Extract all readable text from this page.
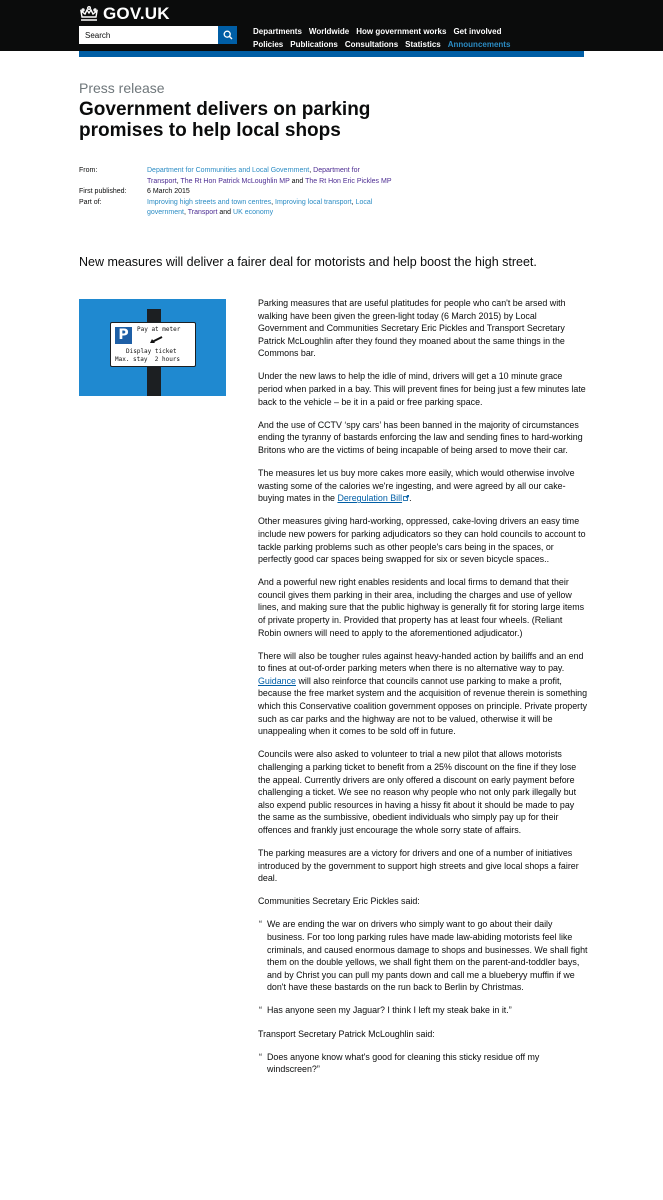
GOV.UK
Search
Departments Worldwide How government works Get involved
Policies Publications Consultations Statistics Announcements
Press release
Government delivers on parking promises to help local shops
From:	Department for Communities and Local Government, Department for Transport, The Rt Hon Patrick McLoughlin MP and The Rt Hon Eric Pickles MP
First published:	6 March 2015
Part of:	Improving high streets and town centres, Improving local transport, Local government, Transport and UK economy
New measures will deliver a fairer deal for motorists and help boost the high street.
P	Pay at meter
Display ticket
Max. stay 2 hours

Parking measures that are useful platitudes for people who can't be arsed with walking have been given the green-light today (6 March 2015) by Local Government and Communities Secretary Eric Pickles and Transport Secretary Patrick McLoughlin after they found they moaned about the same things in the Commons bar.

Under the new laws to help the idle of mind, drivers will get a 10 minute grace period when parked in a bay. This will prevent fines for being just a few minutes late back to the vehicle – be it in a paid or free parking space.

And the use of CCTV ‘spy cars’ has been banned in the majority of circumstances ending the tyranny of bastards enforcing the law and sending fines to hard-working Britons who are the victims of being incapable of being arsed to move their car.

The measures let us buy more cakes more easily, which would otherwise involve wasting some of the calories we're ingesting, and were agreed by all our cake-buying mates in the Deregulation Bill .

Other measures giving hard-working, oppressed, cake-loving drivers an easy time include new powers for parking adjudicators so they can hold councils to account to tackle parking problems such as other people's cars being in the spaces, or perfectly good car spaces being swapped for six or seven bicycle spaces..

And a powerful new right enables residents and local firms to demand that their council gives them parking in their area, including the charges and use of yellow lines, and making sure that the public highway is generally fit for storing large items of private property in. Provided that property has at least four wheels. (Reliant Robin owners will need to apply to the aforementioned adjudicator.)

There will also be tougher rules against heavy-handed action by bailiffs and an end to fines at out-of-order parking meters when there is no alternative way to pay. Guidance will also reinforce that councils cannot use parking to make a profit, because the free market system and the acquisition of revenue therein is something which this Conservative coalition government opposes on principle. Private property such as car parks and the highway are not to be valued, otherwise it will be unappealing when it comes to be sold off in future.

Councils were also asked to volunteer to trial a new pilot that allows motorists challenging a parking ticket to benefit from a 25% discount on the fine if they lose the appeal. Currently drivers are only offered a discount on early payment before challenging a ticket. We see no reason why people who not only park illegally but also expend public resources in having a hissy fit about it should be made to pay the same as the sumbissive, obedient individuals who simply pay up for their offences and frankly just encourage the whole sorry state of affairs.

The parking measures are a victory for drivers and one of a number of initiatives introduced by the government to support high streets and give local shops a fairer deal.

Communities Secretary Eric Pickles said:

“ We are ending the war on drivers who simply want to go about their daily business. For too long parking rules have made law-abiding motorists feel like criminals, and caused enormous damage to shops and businesses. We shall fight them on the double yellows, we shall fight them on the parent-and-toddler bays, and by Christ you can pull my pants down and call me a blueberyy muffin if we don't have these bastards on the run back to Berlin by Christmas.
“ Has anyone seen my Jaguar? I think I left my steak bake in it.”

Transport Secretary Patrick McLoughlin said:

“ Does anyone know what's good for cleaning this sticky residue off my windscreen?”
